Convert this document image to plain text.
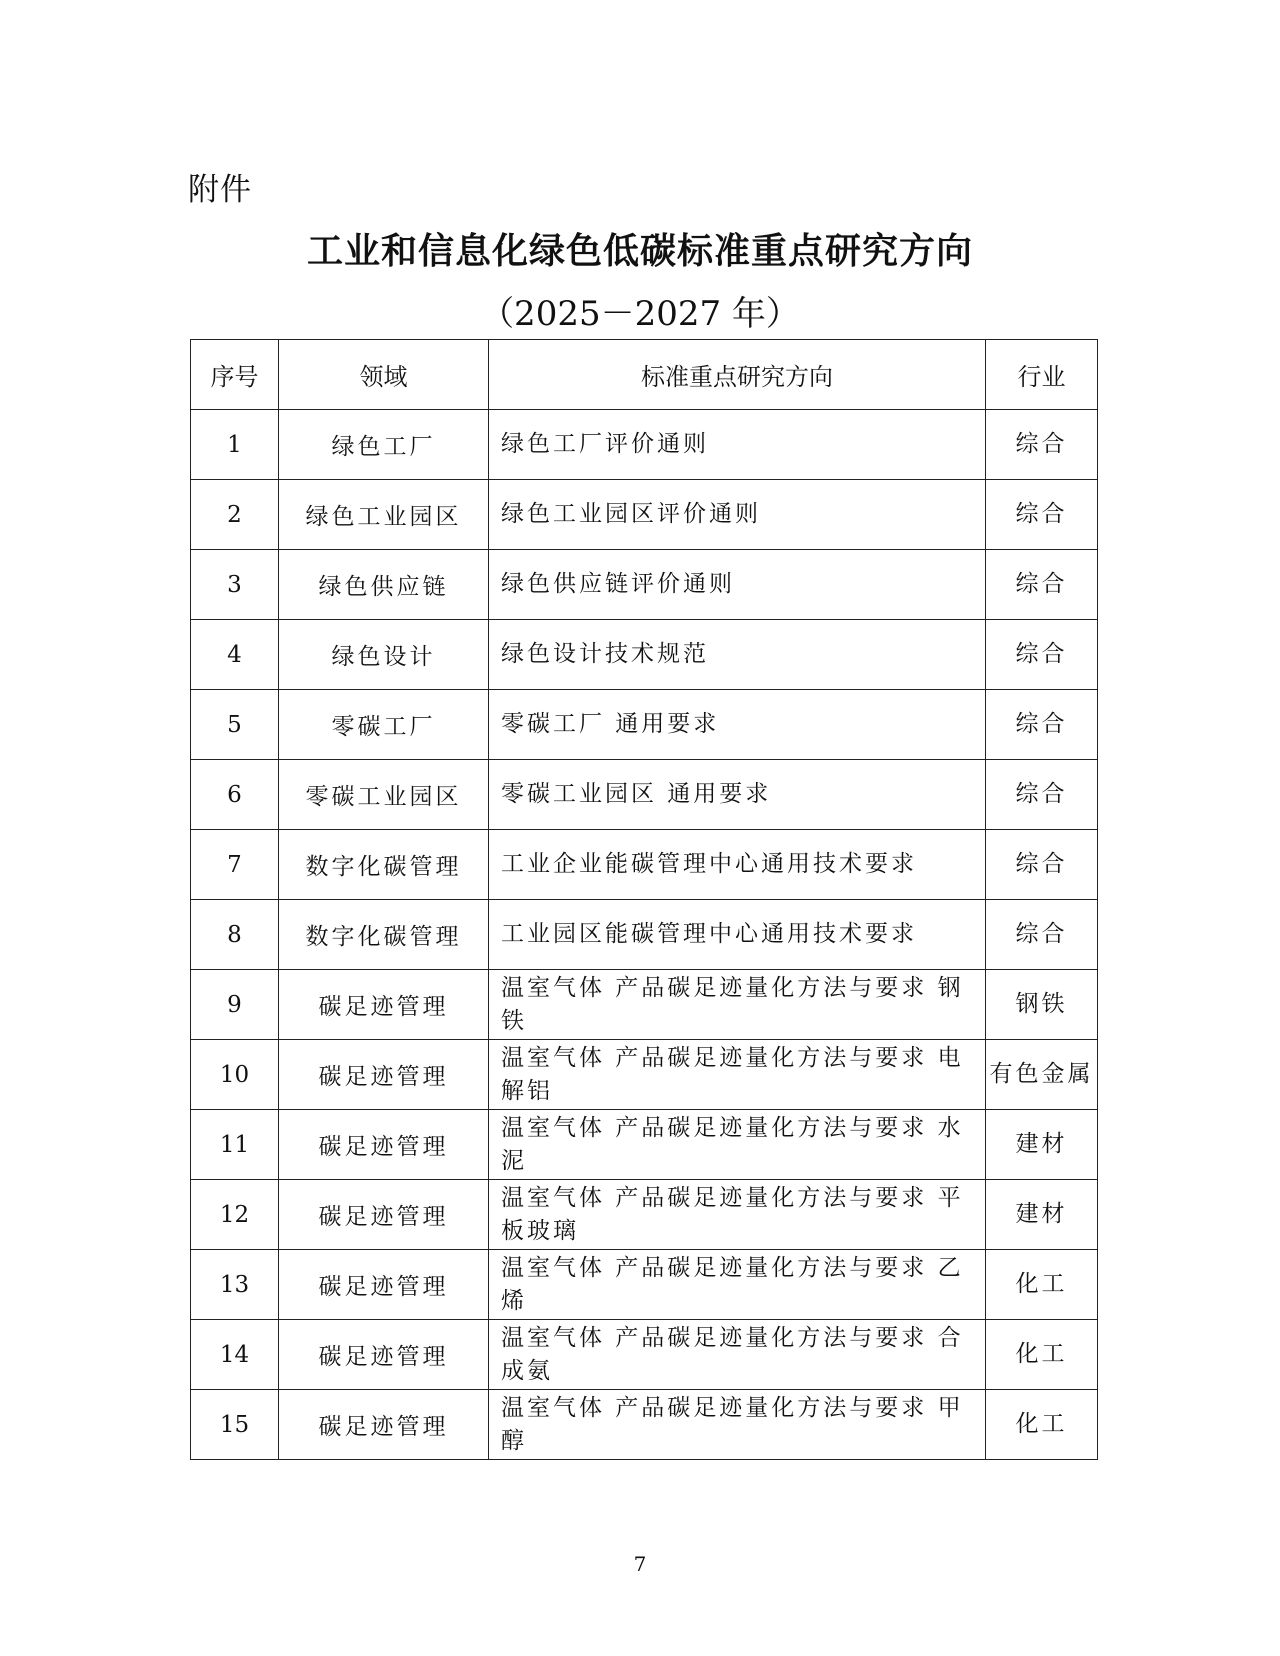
附件
工业和信息化绿色低碳标准重点研究方向
（2025－2027 年）
序号	领域	标准重点研究方向	行业
1	绿色工厂	绿色工厂评价通则	综合
2	绿色工业园区	绿色工业园区评价通则	综合
3	绿色供应链	绿色供应链评价通则	综合
4	绿色设计	绿色设计技术规范	综合
5	零碳工厂	零碳工厂 通用要求	综合
6	零碳工业园区	零碳工业园区 通用要求	综合
7	数字化碳管理	工业企业能碳管理中心通用技术要求	综合
8	数字化碳管理	工业园区能碳管理中心通用技术要求	综合
9	碳足迹管理	温室气体 产品碳足迹量化方法与要求 钢铁	钢铁
10	碳足迹管理	温室气体 产品碳足迹量化方法与要求 电解铝	有色金属
11	碳足迹管理	温室气体 产品碳足迹量化方法与要求 水泥	建材
12	碳足迹管理	温室气体 产品碳足迹量化方法与要求 平板玻璃	建材
13	碳足迹管理	温室气体 产品碳足迹量化方法与要求 乙烯	化工
14	碳足迹管理	温室气体 产品碳足迹量化方法与要求 合成氨	化工
15	碳足迹管理	温室气体 产品碳足迹量化方法与要求 甲醇	化工
7
